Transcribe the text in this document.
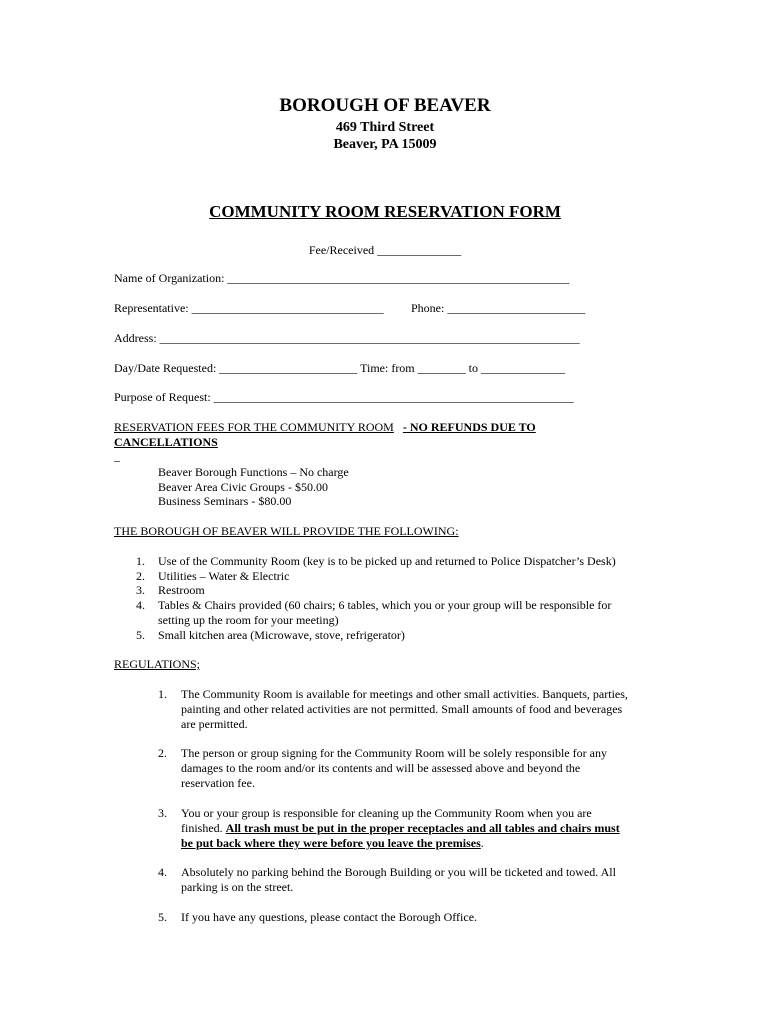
BOROUGH OF BEAVER
469 Third Street
Beaver, PA 15009
COMMUNITY ROOM RESERVATION FORM
Fee/Received ______________
Name of Organization: _________________________________________________________
Representative: ________________________________ Phone: _______________________
Address: ______________________________________________________________________
Day/Date Requested: _______________________ Time: from ________ to ______________
Purpose of Request: ____________________________________________________________
RESERVATION FEES FOR THE COMMUNITY ROOM - NO REFUNDS DUE TO
CANCELLATIONS
_
Beaver Borough Functions – No charge
Beaver Area Civic Groups - $50.00
Business Seminars - $80.00
THE BOROUGH OF BEAVER WILL PROVIDE THE FOLLOWING:
1. Use of the Community Room (key is to be picked up and returned to Police Dispatcher’s Desk)
2. Utilities – Water & Electric
3. Restroom
4. Tables & Chairs provided (60 chairs; 6 tables, which you or your group will be responsible for
setting up the room for your meeting)
5. Small kitchen area (Microwave, stove, refrigerator)
REGULATIONS;
1. The Community Room is available for meetings and other small activities. Banquets, parties,
painting and other related activities are not permitted. Small amounts of food and beverages
are permitted.
2. The person or group signing for the Community Room will be solely responsible for any
damages to the room and/or its contents and will be assessed above and beyond the
reservation fee.
3. You or your group is responsible for cleaning up the Community Room when you are
finished. All trash must be put in the proper receptacles and all tables and chairs must
be put back where they were before you leave the premises.
4. Absolutely no parking behind the Borough Building or you will be ticketed and towed. All
parking is on the street.
5. If you have any questions, please contact the Borough Office.
